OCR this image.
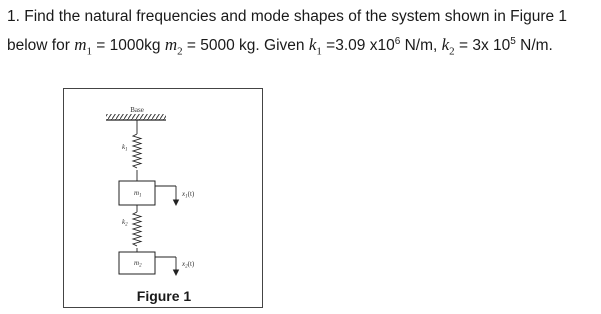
1. Find the natural frequencies and mode shapes of the system shown in Figure 1
below for $m_1 = 1000kg$ $m_2 = 5000$ kg. Given $k_1 =3.09$ $x10^6$ N/m, $k_2 = 3x$ $10^5$ N/m.
Base
$k_1$
$m_1$	$x_1(t)$
$k_2$
$m_2$	$x_2(t)$
Figure 1
